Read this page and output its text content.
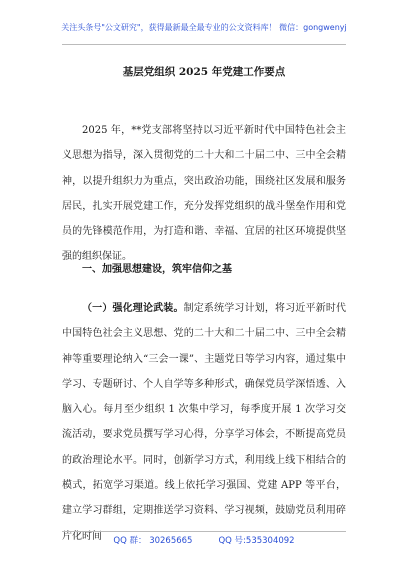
关注头条号"公文研究"，获得最新最全最专业的公文资料库！ 微信：gongwenyj
基层党组织 2025 年党建工作要点

2025 年，**党支部将坚持以习近平新时代中国特色社会主义思想为指导，深入贯彻党的二十大和二十届二中、三中全会精神，以提升组织力为重点，突出政治功能，围绕社区发展和服务居民，扎实开展党建工作，充分发挥党组织的战斗堡垒作用和党员的先锋模范作用，为打造和谐、幸福、宜居的社区环境提供坚强的组织保证。

一、加强思想建设，筑牢信仰之基

（一）强化理论武装。制定系统学习计划，将习近平新时代中国特色社会主义思想、党的二十大和二十届二中、三中全会精神等重要理论纳入“三会一课”、主题党日等学习内容，通过集中学习、专题研讨、个人自学等多种形式，确保党员学深悟透、入脑入心。每月至少组织 1 次集中学习，每季度开展 1 次学习交流活动，要求党员撰写学习心得，分享学习体会，不断提高党员的政治理论水平。同时，创新学习方式，利用线上线下相结合的模式，拓宽学习渠道。线上依托学习强国、党建 APP 等平台，建立学习群组，定期推送学习资料、学习视频，鼓励党员利用碎片化时间	QQ 群： 30265665	QQ 号:535304092
